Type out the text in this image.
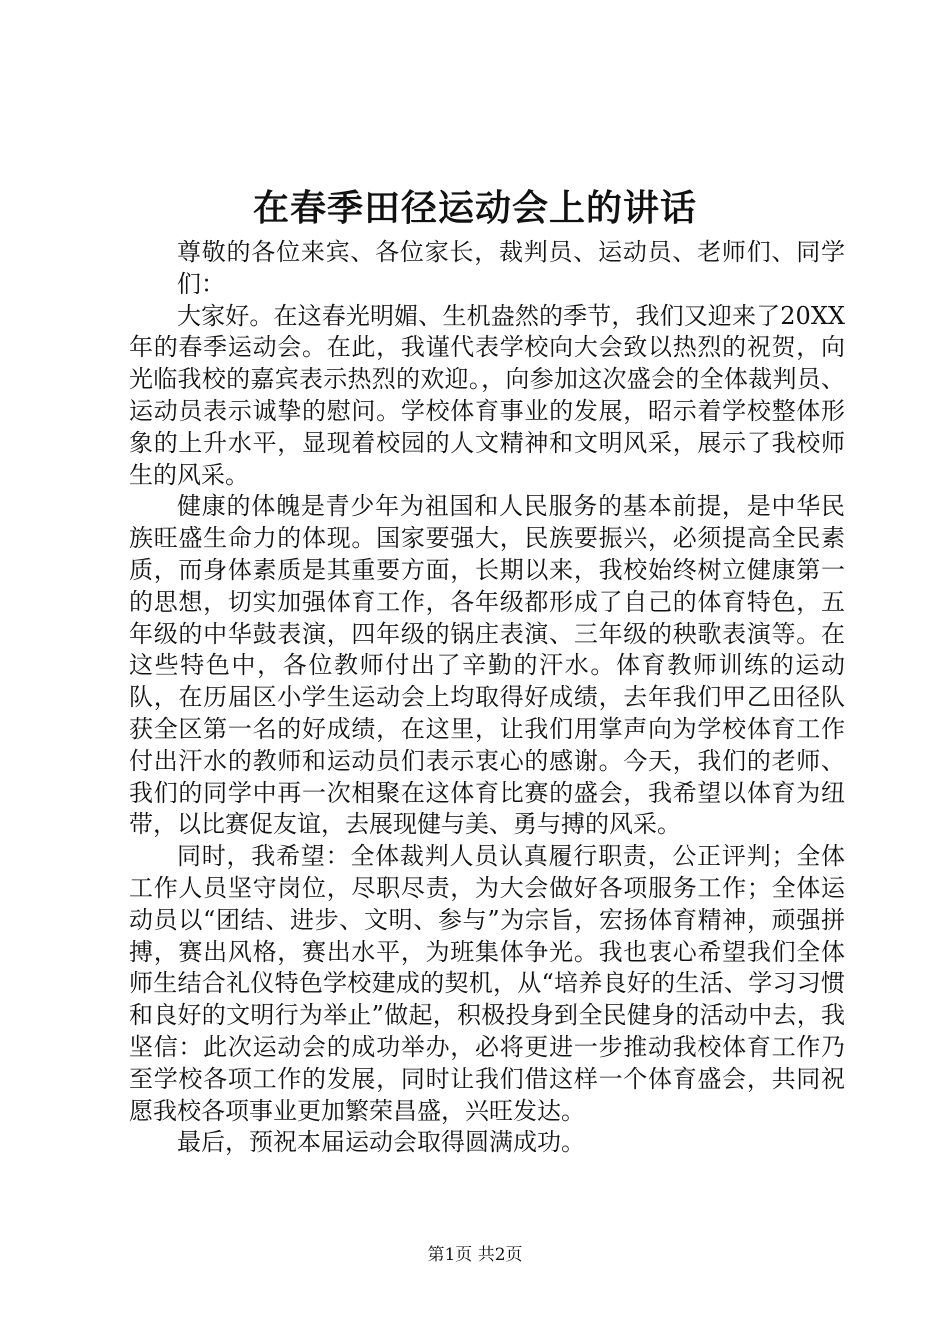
在春季田径运动会上的讲话
尊敬的各位来宾、各位家长，裁判员、运动员、老师们、同学们：

大家好。在这春光明媚、生机盎然的季节，我们又迎来了20XX年的春季运动会。在此，我谨代表学校向大会致以热烈的祝贺，向光临我校的嘉宾表示热烈的欢迎。，向参加这次盛会的全体裁判员、运动员表示诚挚的慰问。学校体育事业的发展，昭示着学校整体形象的上升水平，显现着校园的人文精神和文明风采，展示了我校师生的风采。

健康的体魄是青少年为祖国和人民服务的基本前提，是中华民族旺盛生命力的体现。国家要强大，民族要振兴，必须提高全民素质，而身体素质是其重要方面，长期以来，我校始终树立健康第一的思想，切实加强体育工作，各年级都形成了自己的体育特色，五年级的中华鼓表演，四年级的锅庄表演、三年级的秧歌表演等。在这些特色中，各位教师付出了辛勤的汗水。体育教师训练的运动队，在历届区小学生运动会上均取得好成绩，去年我们甲乙田径队获全区第一名的好成绩，在这里，让我们用掌声向为学校体育工作付出汗水的教师和运动员们表示衷心的感谢。今天，我们的老师、我们的同学中再一次相聚在这体育比赛的盛会，我希望以体育为纽带，以比赛促友谊，去展现健与美、勇与搏的风采。

同时，我希望：全体裁判人员认真履行职责，公正评判；全体工作人员坚守岗位，尽职尽责，为大会做好各项服务工作；全体运动员以“团结、进步、文明、参与”为宗旨，宏扬体育精神，顽强拼搏，赛出风格，赛出水平，为班集体争光。我也衷心希望我们全体师生结合礼仪特色学校建成的契机，从“培养良好的生活、学习习惯和良好的文明行为举止”做起，积极投身到全民健身的活动中去，我坚信：此次运动会的成功举办，必将更进一步推动我校体育工作乃至学校各项工作的发展，同时让我们借这样一个体育盛会，共同祝愿我校各项事业更加繁荣昌盛，兴旺发达。

最后，预祝本届运动会取得圆满成功。

第1页 共2页
